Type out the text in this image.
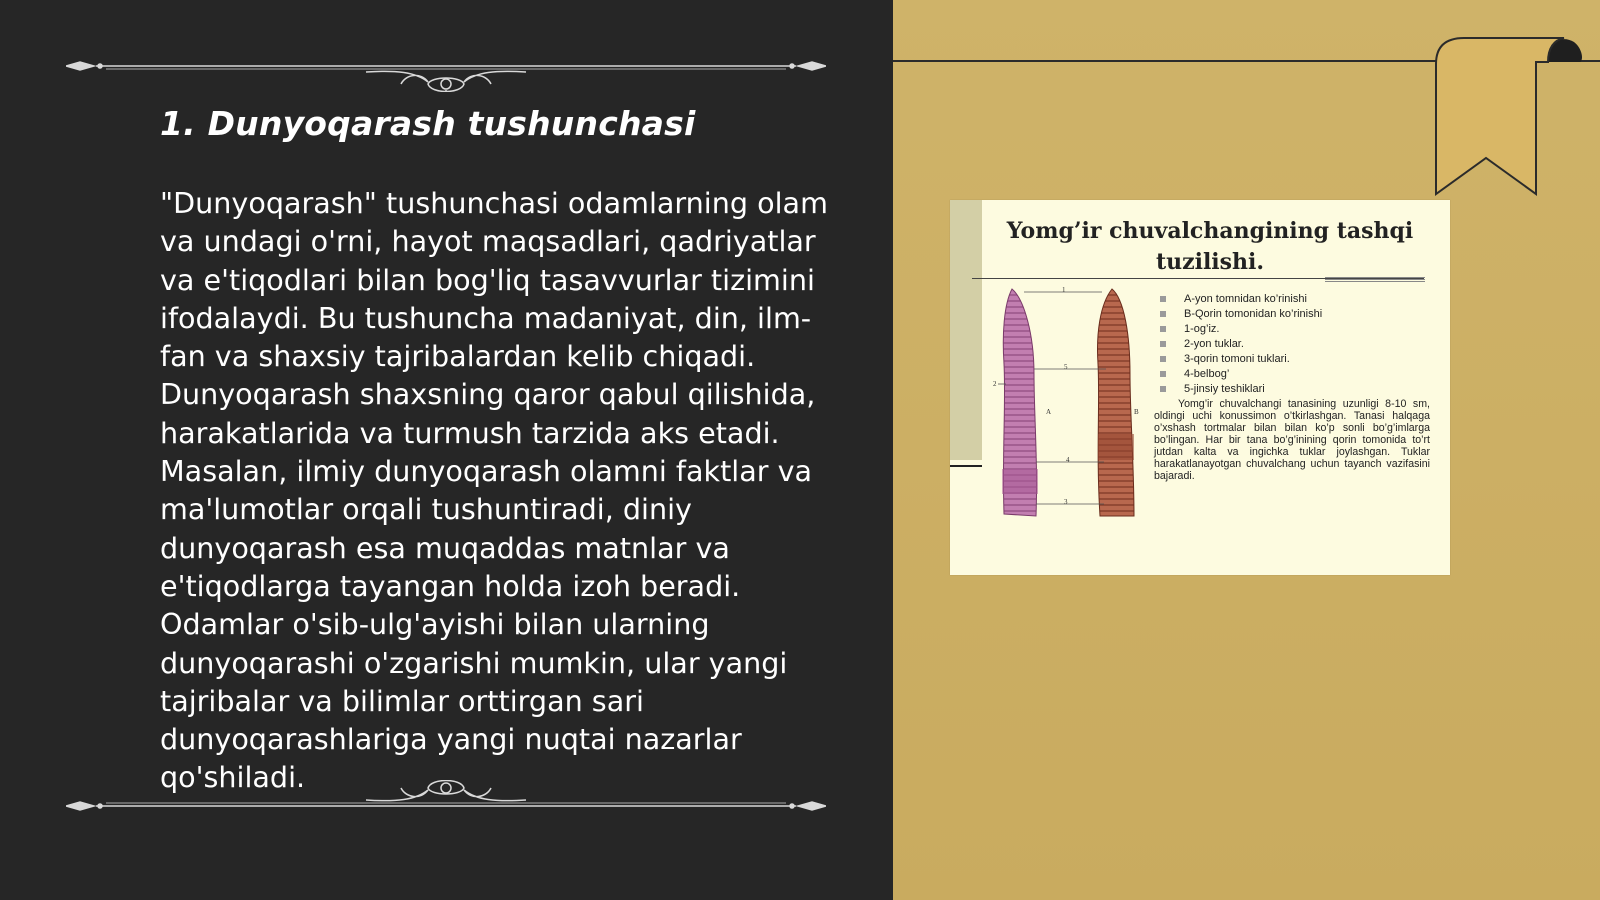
1. Dunyoqarash tushunchasi

"Dunyoqarash" tushunchasi odamlarning olam va undagi o'rni, hayot maqsadlari, qadriyatlar va e'tiqodlari bilan bog'liq tasavvurlar tizimini ifodalaydi. Bu tushuncha madaniyat, din, ilm-fan va shaxsiy tajribalardan kelib chiqadi. Dunyoqarash shaxsning qaror qabul qilishida, harakatlarida va turmush tarzida aks etadi. Masalan, ilmiy dunyoqarash olamni faktlar va ma'lumotlar orqali tushuntiradi, diniy dunyoqarash esa muqaddas matnlar va e'tiqodlarga tayangan holda izoh beradi. Odamlar o'sib-ulg'ayishi bilan ularning dunyoqarashi o'zgarishi mumkin, ular yangi tajribalar va bilimlar orttirgan sari dunyoqarashlariga yangi nuqtai nazarlar qo'shiladi.

Yomg’ir chuvalchangining tashqi tuzilishi.
1
2
5
4
3
A	B
A-yon tomnidan ko’rinishi
B-Qorin tomonidan ko’rinishi
1-og’iz.
2-yon tuklar.
3-qorin tomoni tuklari.
4-belbog’
5-jinsiy teshiklari

Yomg’ir chuvalchangi tanasining uzunligi 8-10 sm, oldingi uchi konussimon o’tkirlashgan. Tanasi halqaga o’xshash tortmalar bilan bilan ko’p sonli bo’g’imlarga bo’lingan. Har bir tana bo’g’inining qorin tomonida to’rt jutdan kalta va ingichka tuklar joylashgan. Tuklar harakatlanayotgan chuvalchang uchun tayanch vazifasini bajaradi.
